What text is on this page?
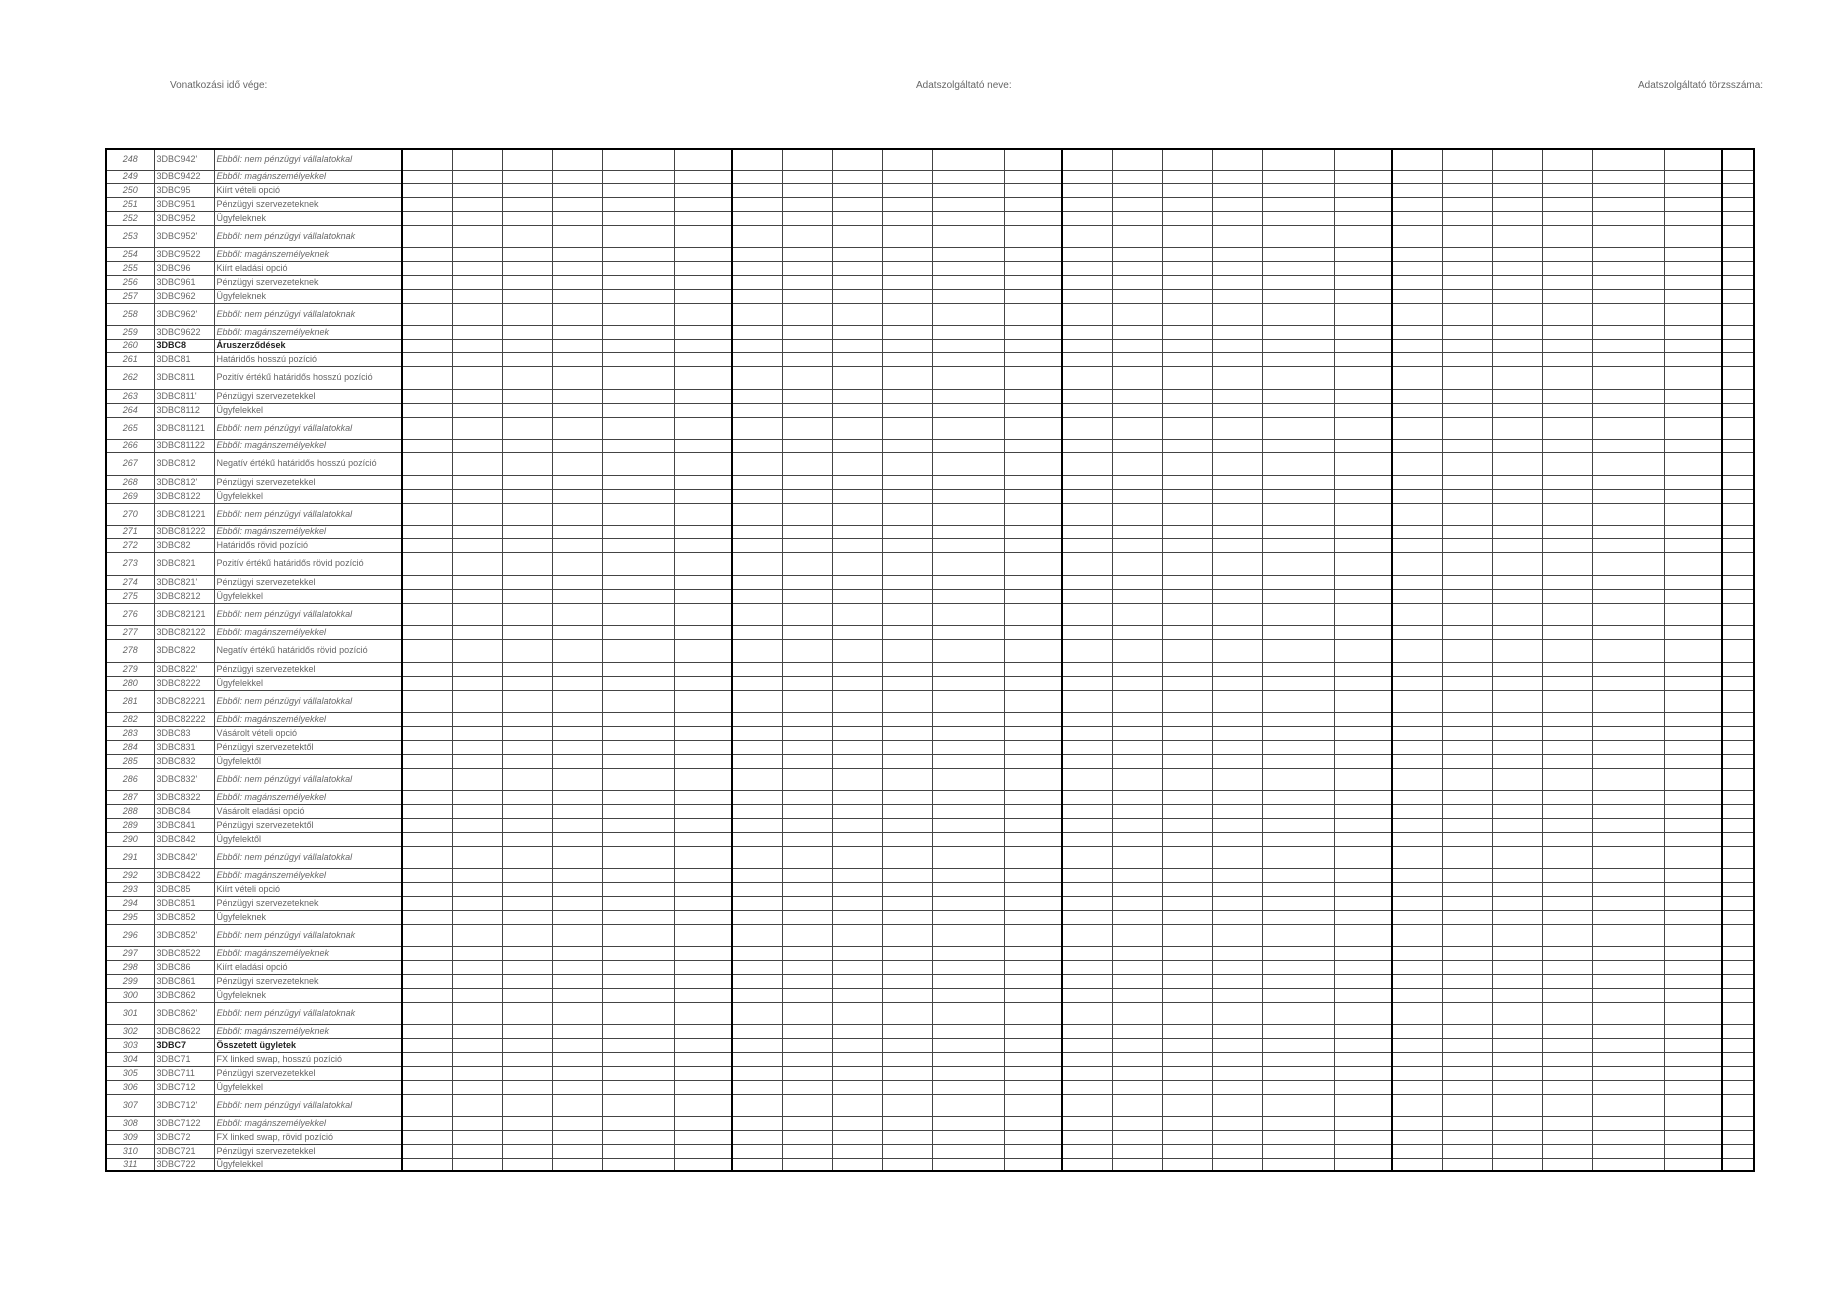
Vonatkozási idő vége:	Adatszolgáltató neve:	Adatszolgáltató törzsszáma:
248	3DBC942'	Ebből: nem pénzügyi vállalatokkal																									
249	3DBC9422	Ebből: magánszemélyekkel																									
250	3DBC95	Kiírt vételi opció																									
251	3DBC951	Pénzügyi szervezeteknek																									
252	3DBC952	Ügyfeleknek																									
253	3DBC952'	Ebből: nem pénzügyi vállalatoknak																									
254	3DBC9522	Ebből: magánszemélyeknek																									
255	3DBC96	Kiírt eladási opció																									
256	3DBC961	Pénzügyi szervezeteknek																									
257	3DBC962	Ügyfeleknek																									
258	3DBC962'	Ebből: nem pénzügyi vállalatoknak																									
259	3DBC9622	Ebből: magánszemélyeknek																									
260	3DBC8	Áruszerződések																									
261	3DBC81	Határidős hosszú pozíció																									
262	3DBC811	Pozitív értékű határidős hosszú pozíció																									
263	3DBC811'	Pénzügyi szervezetekkel																									
264	3DBC8112	Ügyfelekkel																									
265	3DBC81121	Ebből: nem pénzügyi vállalatokkal																									
266	3DBC81122	Ebből: magánszemélyekkel																									
267	3DBC812	Negatív értékű határidős hosszú pozíció																									
268	3DBC812'	Pénzügyi szervezetekkel																									
269	3DBC8122	Ügyfelekkel																									
270	3DBC81221	Ebből: nem pénzügyi vállalatokkal																									
271	3DBC81222	Ebből: magánszemélyekkel																									
272	3DBC82	Határidős rövid pozíció																									
273	3DBC821	Pozitív értékű határidős rövid pozíció																									
274	3DBC821'	Pénzügyi szervezetekkel																									
275	3DBC8212	Ügyfelekkel																									
276	3DBC82121	Ebből: nem pénzügyi vállalatokkal																									
277	3DBC82122	Ebből: magánszemélyekkel																									
278	3DBC822	Negatív értékű határidős rövid pozíció																									
279	3DBC822'	Pénzügyi szervezetekkel																									
280	3DBC8222	Ügyfelekkel																									
281	3DBC82221	Ebből: nem pénzügyi vállalatokkal																									
282	3DBC82222	Ebből: magánszemélyekkel																									
283	3DBC83	Vásárolt vételi opció																									
284	3DBC831	Pénzügyi szervezetektől																									
285	3DBC832	Ügyfelektől																									
286	3DBC832'	Ebből: nem pénzügyi vállalatokkal																									
287	3DBC8322	Ebből: magánszemélyekkel																									
288	3DBC84	Vásárolt eladási opció																									
289	3DBC841	Pénzügyi szervezetektől																									
290	3DBC842	Ügyfelektől																									
291	3DBC842'	Ebből: nem pénzügyi vállalatokkal																									
292	3DBC8422	Ebből: magánszemélyekkel																									
293	3DBC85	Kiírt vételi opció																									
294	3DBC851	Pénzügyi szervezeteknek																									
295	3DBC852	Ügyfeleknek																									
296	3DBC852'	Ebből: nem pénzügyi vállalatoknak																									
297	3DBC8522	Ebből: magánszemélyeknek																									
298	3DBC86	Kiírt eladási opció																									
299	3DBC861	Pénzügyi szervezeteknek																									
300	3DBC862	Ügyfeleknek																									
301	3DBC862'	Ebből: nem pénzügyi vállalatoknak																									
302	3DBC8622	Ebből: magánszemélyeknek																									
303	3DBC7	Összetett ügyletek																									
304	3DBC71	FX linked swap, hosszú pozíció																									
305	3DBC711	Pénzügyi szervezetekkel																									
306	3DBC712	Ügyfelekkel																									
307	3DBC712'	Ebből: nem pénzügyi vállalatokkal																									
308	3DBC7122	Ebből: magánszemélyekkel																									
309	3DBC72	FX linked swap, rövid pozíció																									
310	3DBC721	Pénzügyi szervezetekkel																									
311	3DBC722	Ügyfelekkel																									
